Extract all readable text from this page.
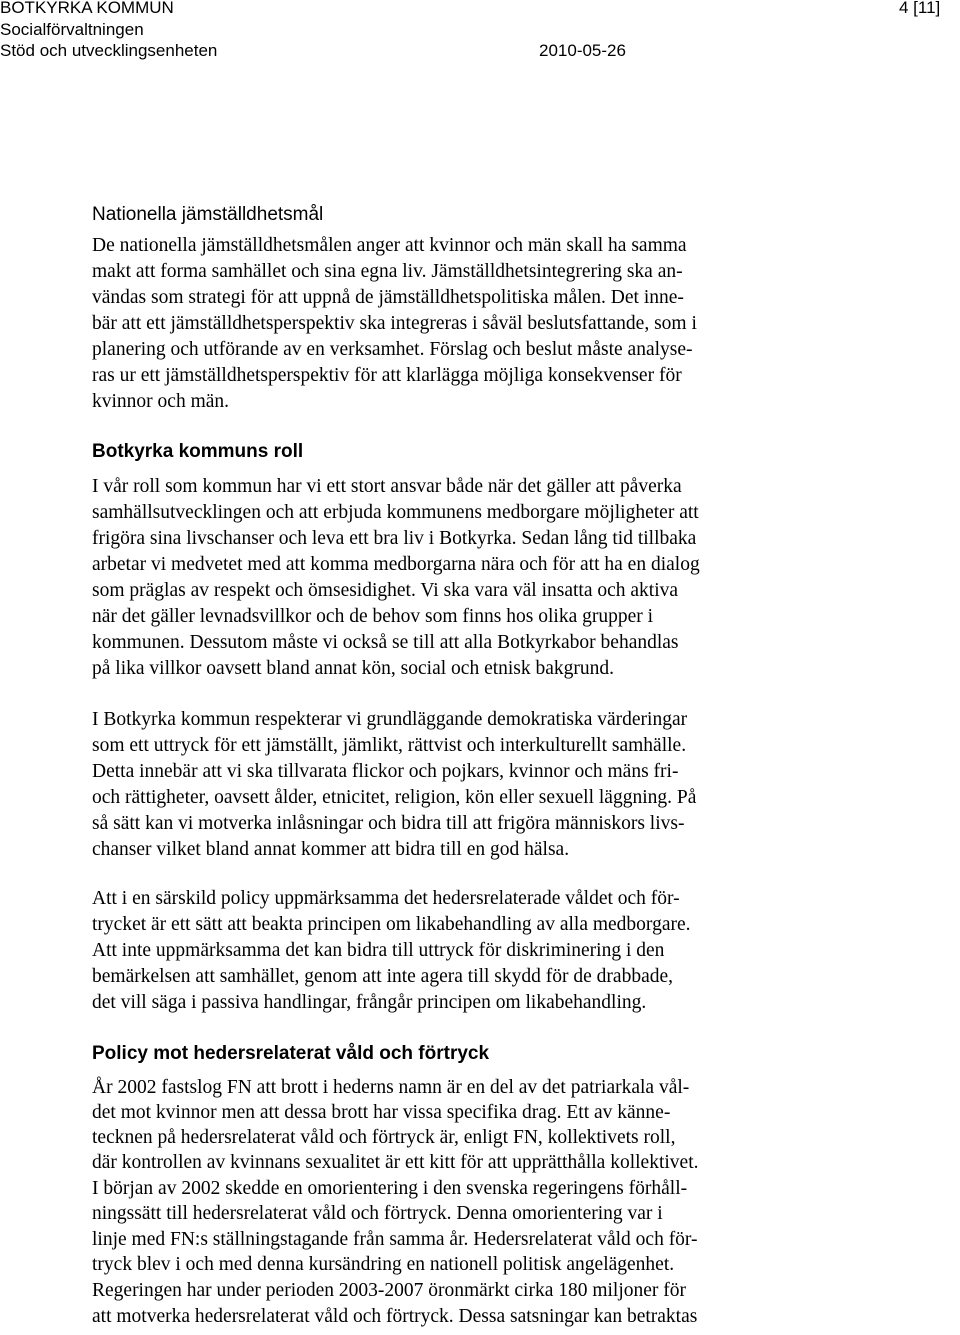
BOTKYRKA KOMMUN
Socialförvaltningen
Stöd och utvecklingsenheten	2010-05-26
4 [11]
Nationella jämställdhetsmål
De nationella jämställdhetsmålen anger att kvinnor och män skall ha samma
makt att forma samhället och sina egna liv. Jämställdhetsintegrering ska an-
vändas som strategi för att uppnå de jämställdhetspolitiska målen. Det inne-
bär att ett jämställdhetsperspektiv ska integreras i såväl beslutsfattande, som i
planering och utförande av en verksamhet. Förslag och beslut måste analyse-
ras ur ett jämställdhetsperspektiv för att klarlägga möjliga konsekvenser för
kvinnor och män.
Botkyrka kommuns roll
I vår roll som kommun har vi ett stort ansvar både när det gäller att påverka
samhällsutvecklingen och att erbjuda kommunens medborgare möjligheter att
frigöra sina livschanser och leva ett bra liv i Botkyrka. Sedan lång tid tillbaka
arbetar vi medvetet med att komma medborgarna nära och för att ha en dialog
som präglas av respekt och ömsesidighet. Vi ska vara väl insatta och aktiva
när det gäller levnadsvillkor och de behov som finns hos olika grupper i
kommunen. Dessutom måste vi också se till att alla Botkyrkabor behandlas
på lika villkor oavsett bland annat kön, social och etnisk bakgrund.
I Botkyrka kommun respekterar vi grundläggande demokratiska värderingar
som ett uttryck för ett jämställt, jämlikt, rättvist och interkulturellt samhälle.
Detta innebär att vi ska tillvarata flickor och pojkars, kvinnor och mäns fri-
och rättigheter, oavsett ålder, etnicitet, religion, kön eller sexuell läggning. På
så sätt kan vi motverka inlåsningar och bidra till att frigöra människors livs-
chanser vilket bland annat kommer att bidra till en god hälsa.
Att i en särskild policy uppmärksamma det hedersrelaterade våldet och för-
trycket är ett sätt att beakta principen om likabehandling av alla medborgare.
Att inte uppmärksamma det kan bidra till uttryck för diskriminering i den
bemärkelsen att samhället, genom att inte agera till skydd för de drabbade,
det vill säga i passiva handlingar, frångår principen om likabehandling.
Policy mot hedersrelaterat våld och förtryck
År 2002 fastslog FN att brott i hederns namn är en del av det patriarkala vål-
det mot kvinnor men att dessa brott har vissa specifika drag. Ett av känne-
tecknen på hedersrelaterat våld och förtryck är, enligt FN, kollektivets roll,
där kontrollen av kvinnans sexualitet är ett kitt för att upprätthålla kollektivet.
I början av 2002 skedde en omorientering i den svenska regeringens förhåll-
ningssätt till hedersrelaterat våld och förtryck. Denna omorientering var i
linje med FN:s ställningstagande från samma år. Hedersrelaterat våld och för-
tryck blev i och med denna kursändring en nationell politisk angelägenhet.
Regeringen har under perioden 2003-2007 öronmärkt cirka 180 miljoner för
att motverka hedersrelaterat våld och förtryck. Dessa satsningar kan betraktas
